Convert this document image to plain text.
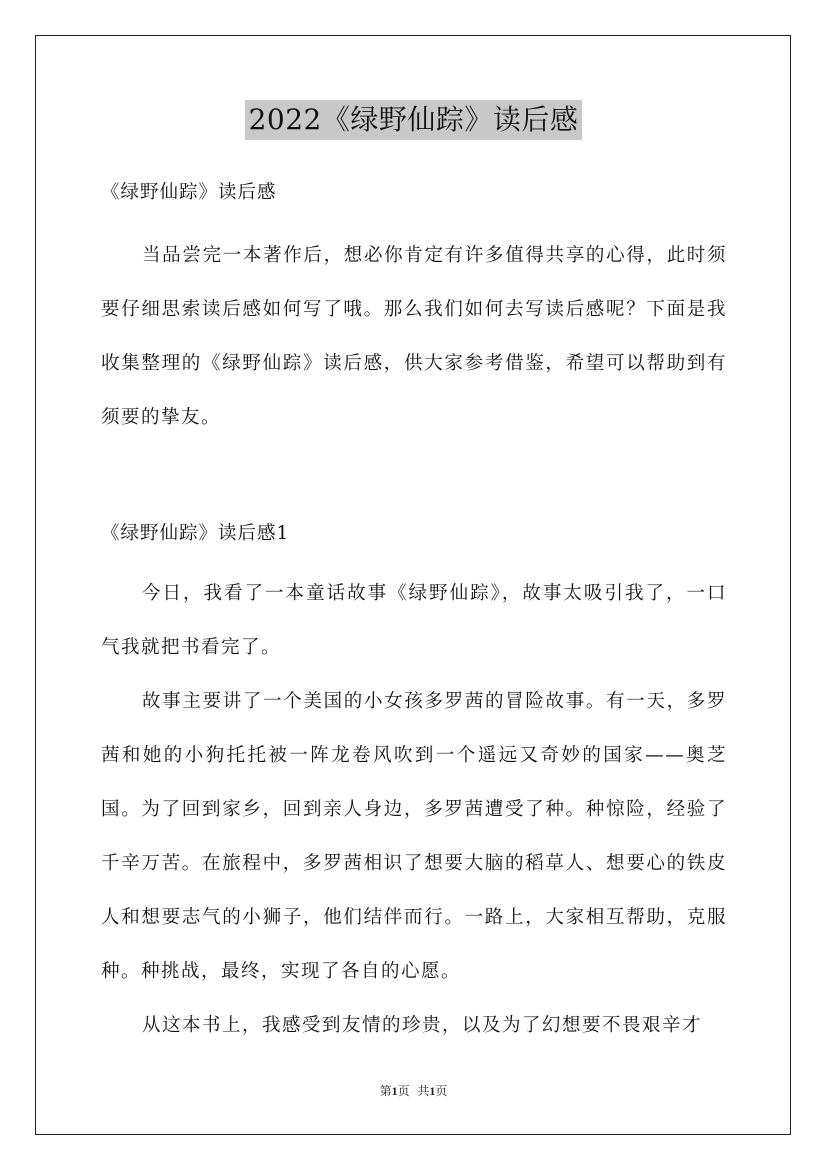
2022《绿野仙踪》读后感

《绿野仙踪》读后感

当品尝完一本著作后，想必你肯定有许多值得共享的心得，此时须要仔细思索读后感如何写了哦。那么我们如何去写读后感呢？下面是我收集整理的《绿野仙踪》读后感，供大家参考借鉴，希望可以帮助到有须要的挚友。

《绿野仙踪》读后感1

今日，我看了一本童话故事《绿野仙踪》，故事太吸引我了，一口气我就把书看完了。

故事主要讲了一个美国的小女孩多罗茜的冒险故事。有一天，多罗茜和她的小狗托托被一阵龙卷风吹到一个遥远又奇妙的国家——奥芝国。为了回到家乡，回到亲人身边，多罗茜遭受了种。种惊险，经验了千辛万苦。在旅程中，多罗茜相识了想要大脑的稻草人、想要心的铁皮人和想要志气的小狮子，他们结伴而行。一路上，大家相互帮助，克服种。种挑战，最终，实现了各自的心愿。

从这本书上，我感受到友情的珍贵，以及为了幻想要不畏艰辛才

第1页 共1页
